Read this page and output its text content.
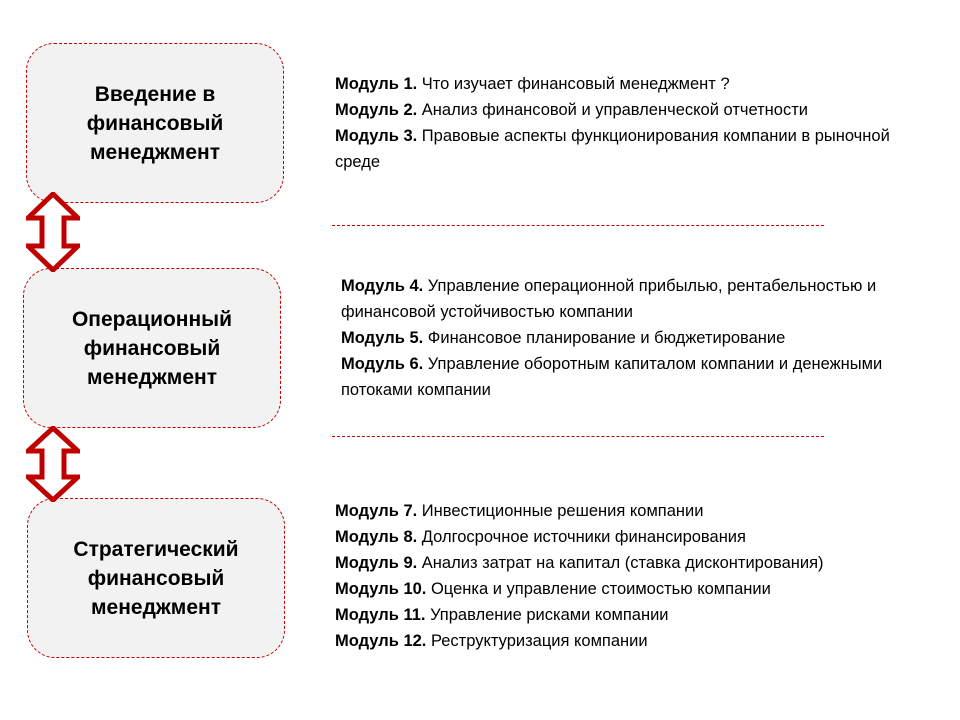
Введение в
финансовый
менеджмент
Операционный
финансовый
менеджмент
Стратегический
финансовый
менеджмент
Модуль 1. Что изучает финансовый менеджмент ?
Модуль 2. Анализ финансовой и управленческой отчетности
Модуль 3. Правовые аспекты функционирования компании в рыночной среде
Модуль 4. Управление операционной прибылью, рентабельностью и финансовой устойчивостью компании
Модуль 5. Финансовое планирование и бюджетирование
Модуль 6. Управление оборотным капиталом компании и денежными потоками компании
Модуль 7. Инвестиционные решения компании
Модуль 8. Долгосрочное источники финансирования
Модуль 9. Анализ затрат на капитал (ставка дисконтирования)
Модуль 10. Оценка и управление стоимостью компании
Модуль 11. Управление рисками компании
Модуль 12. Реструктуризация компании
